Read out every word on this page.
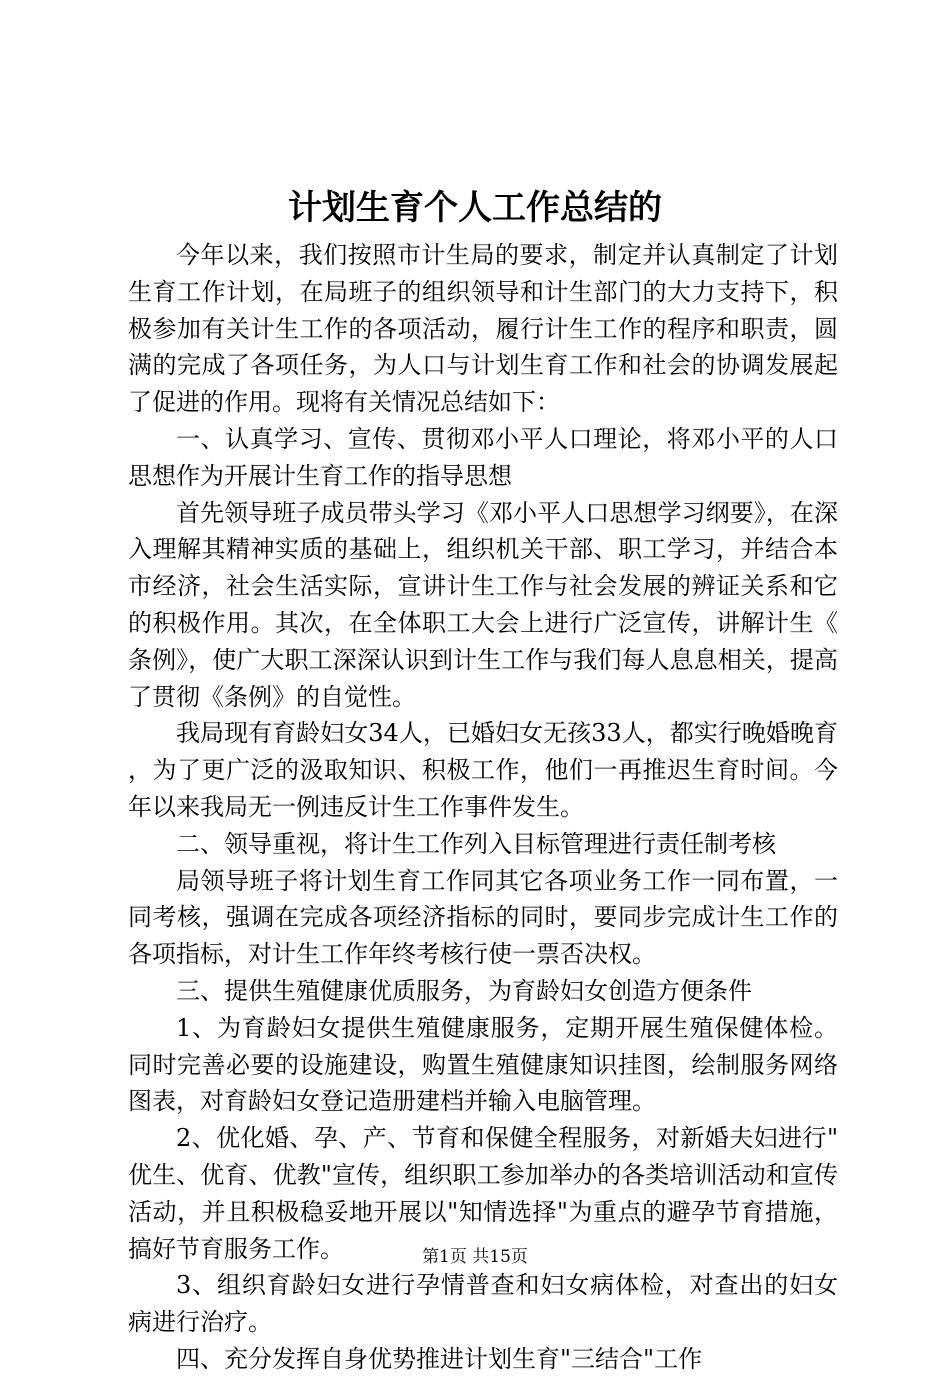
计划生育个人工作总结的

今年以来，我们按照市计生局的要求，制定并认真制定了计划生育工作计划，在局班子的组织领导和计生部门的大力支持下，积极参加有关计生工作的各项活动，履行计生工作的程序和职责，圆满的完成了各项任务，为人口与计划生育工作和社会的协调发展起了促进的作用。现将有关情况总结如下：

一、认真学习、宣传、贯彻邓小平人口理论，将邓小平的人口思想作为开展计生育工作的指导思想

首先领导班子成员带头学习《邓小平人口思想学习纲要》，在深入理解其精神实质的基础上，组织机关干部、职工学习，并结合本市经济，社会生活实际，宣讲计生工作与社会发展的辨证关系和它的积极作用。其次，在全体职工大会上进行广泛宣传，讲解计生《条例》，使广大职工深深认识到计生工作与我们每人息息相关，提高了贯彻《条例》的自觉性。

我局现有育龄妇女34人，已婚妇女无孩33人，都实行晚婚晚育，为了更广泛的汲取知识、积极工作，他们一再推迟生育时间。今年以来我局无一例违反计生工作事件发生。

二、领导重视，将计生工作列入目标管理进行责任制考核

局领导班子将计划生育工作同其它各项业务工作一同布置，一同考核，强调在完成各项经济指标的同时，要同步完成计生工作的各项指标，对计生工作年终考核行使一票否决权。

三、提供生殖健康优质服务，为育龄妇女创造方便条件

1、为育龄妇女提供生殖健康服务，定期开展生殖保健体检。同时完善必要的设施建设，购置生殖健康知识挂图，绘制服务网络图表，对育龄妇女登记造册建档并输入电脑管理。

2、优化婚、孕、产、节育和保健全程服务，对新婚夫妇进行"优生、优育、优教"宣传，组织职工参加举办的各类培训活动和宣传活动，并且积极稳妥地开展以"知情选择"为重点的避孕节育措施，搞好节育服务工作。

3、组织育龄妇女进行孕情普查和妇女病体检，对查出的妇女病进行治疗。

四、充分发挥自身优势推进计划生育"三结合"工作

第1页 共15页
